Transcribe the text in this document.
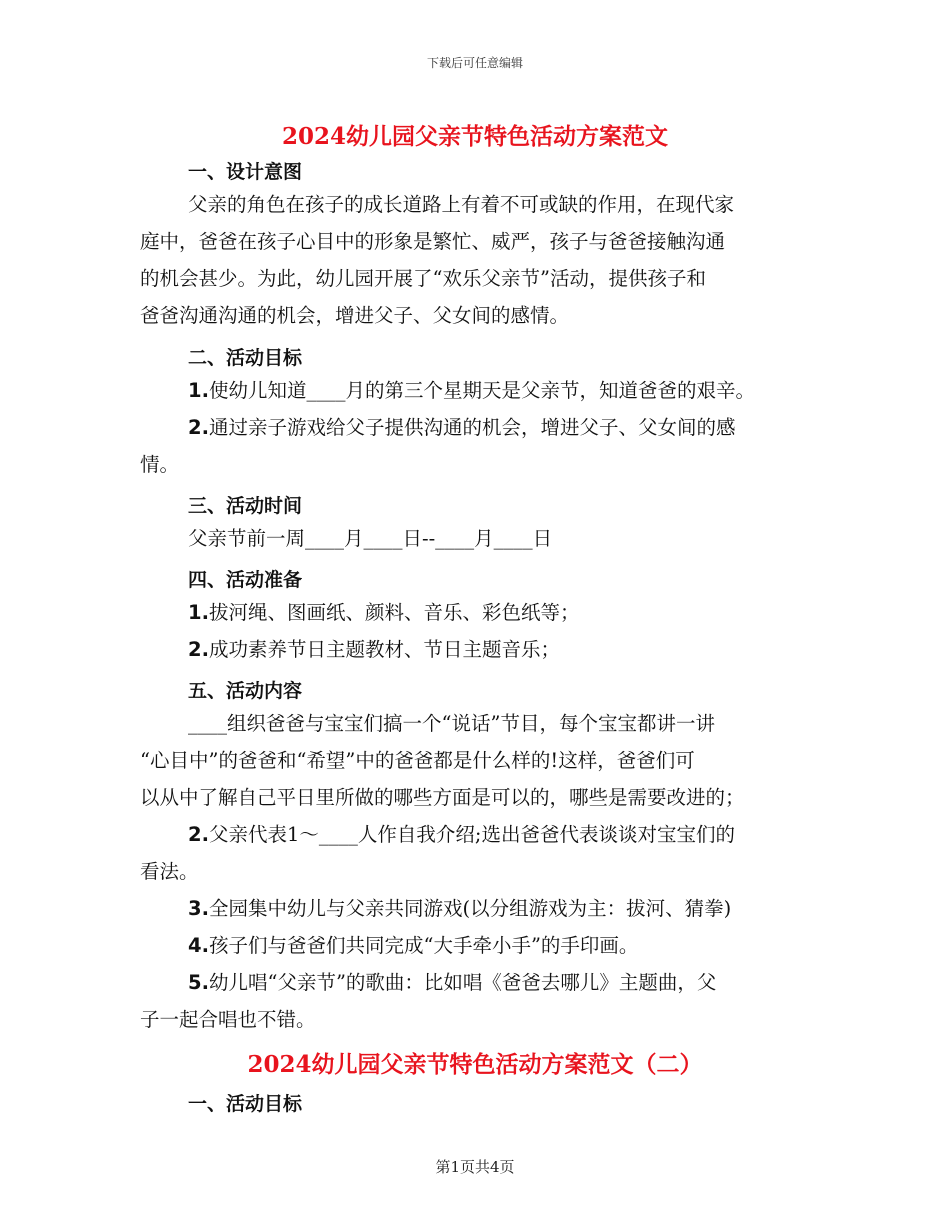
下载后可任意编辑
2024幼儿园父亲节特色活动方案范文
一、设计意图
父亲的角色在孩子的成长道路上有着不可或缺的作用，在现代家
庭中，爸爸在孩子心目中的形象是繁忙、威严，孩子与爸爸接触沟通
的机会甚少。为此，幼儿园开展了“欢乐父亲节”活动，提供孩子和
爸爸沟通沟通的机会，增进父子、父女间的感情。
二、活动目标
1.使幼儿知道____月的第三个星期天是父亲节，知道爸爸的艰辛。
2.通过亲子游戏给父子提供沟通的机会，增进父子、父女间的感
情。
三、活动时间
父亲节前一周____月____日--____月____日
四、活动准备
1.拔河绳、图画纸、颜料、音乐、彩色纸等；
2.成功素养节日主题教材、节日主题音乐；
五、活动内容
____组织爸爸与宝宝们搞一个“说话”节目，每个宝宝都讲一讲
“心目中”的爸爸和“希望”中的爸爸都是什么样的!这样，爸爸们可
以从中了解自己平日里所做的哪些方面是可以的，哪些是需要改进的；
2.父亲代表1～____人作自我介绍;选出爸爸代表谈谈对宝宝们的
看法。
3.全园集中幼儿与父亲共同游戏(以分组游戏为主：拔河、猜拳)
4.孩子们与爸爸们共同完成“大手牵小手”的手印画。
5.幼儿唱“父亲节”的歌曲：比如唱《爸爸去哪儿》主题曲，父
子一起合唱也不错。
2024幼儿园父亲节特色活动方案范文（二）
一、活动目标
第1页共4页
